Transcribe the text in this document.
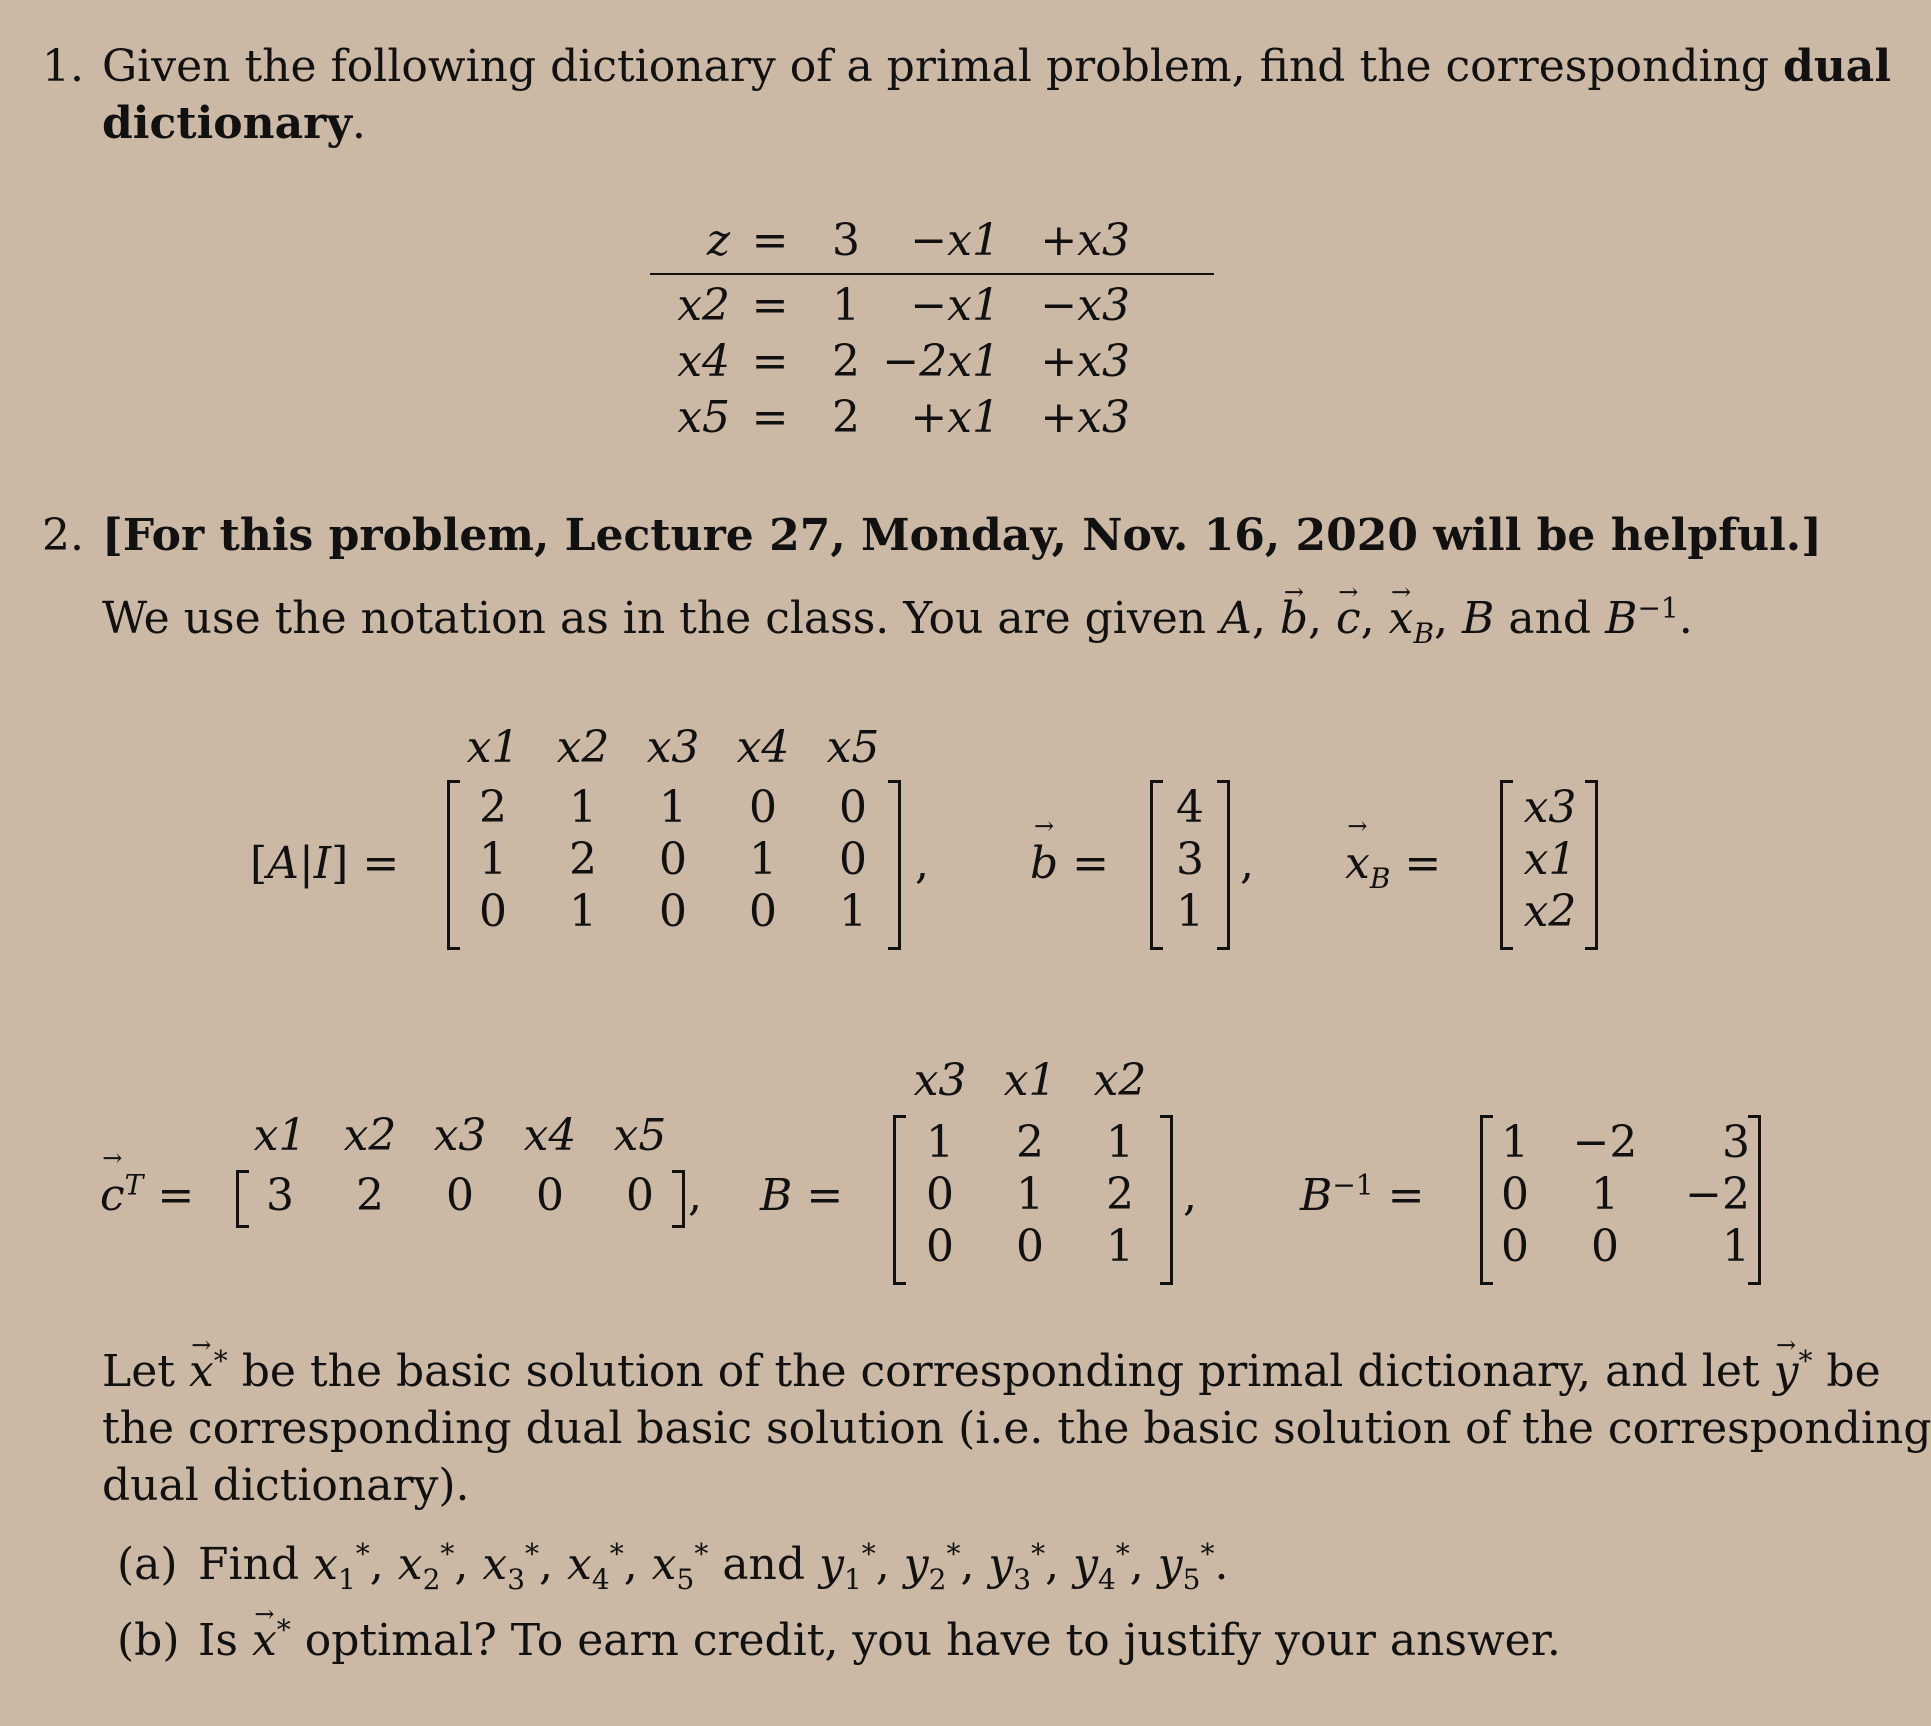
1. Given the following dictionary of a primal problem, find the corresponding dual
dictionary.
z = 3	−x1 +x3
x2 = 1	−x1 −x3
x4 = 2 −2x1 +x3
x5 = 2	+x1 +x3
2. [For this problem, Lecture 27, Monday, Nov. 16, 2020 will be helpful.]
We use the notation as in the class. You are given A, → b, → c, → $x_B$, B and $B^{-1}$.
[A|I] =
x1 x2 x3 x4 x5
2	1	1	0	0
1	2	0	1	0
0	1	0	0	1
, → b =
4
3
1
, → $x_B$ =
x3
x1
x2
x1 x2 x3 x4 x5
→ $c^T$ =	3	2	0	0	0 , B =
x3 x1 x2
1	2	1
0	1	2
0	0	1
, $B^{-1}$ =
1 −2	3
0	1	−2
0	0	1
Let → x* be the basic solution of the corresponding primal dictionary, and let → y* be
the corresponding dual basic solution (i.e. the basic solution of the corresponding
dual dictionary).
(a) Find $x_1^*$, $x_2^*$, $x_3^*$, $x_4^*$, $x_5^*$ and $y_1^*$, $y_2^*$, $y_3^*$, $y_4^*$, $y_5^*$.
(b) Is → x* optimal? To earn credit, you have to justify your answer.
